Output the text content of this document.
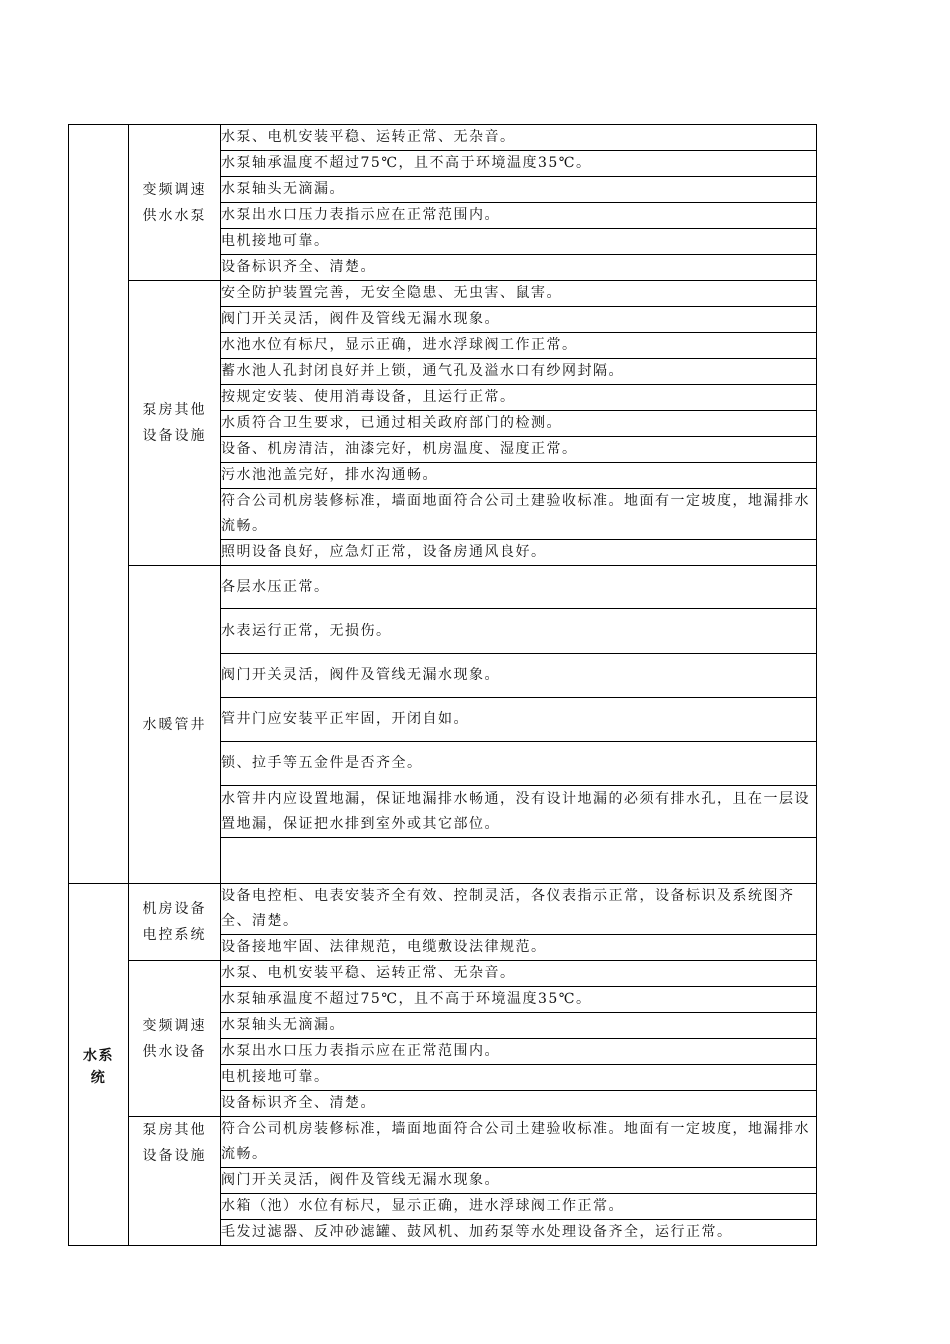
	变频调速供水水泵	水泵、电机安装平稳、运转正常、无杂音。
		水泵轴承温度不超过75℃，且不高于环境温度35℃。
		水泵轴头无滴漏。
		水泵出水口压力表指示应在正常范围内。
		电机接地可靠。
		设备标识齐全、清楚。
	泵房其他设备设施	安全防护装置完善，无安全隐患、无虫害、鼠害。
		阀门开关灵活，阀件及管线无漏水现象。
		水池水位有标尺，显示正确，进水浮球阀工作正常。
		蓄水池人孔封闭良好并上锁，通气孔及溢水口有纱网封隔。
		按规定安装、使用消毒设备，且运行正常。
		水质符合卫生要求，已通过相关政府部门的检测。
		设备、机房清洁，油漆完好，机房温度、湿度正常。
		污水池池盖完好，排水沟通畅。
		符合公司机房装修标准，墙面地面符合公司土建验收标准。地面有一定坡度，地漏排水流畅。
		照明设备良好，应急灯正常，设备房通风良好。
	水暖管井	各层水压正常。
		水表运行正常，无损伤。
		阀门开关灵活，阀件及管线无漏水现象。
		管井门应安装平正牢固，开闭自如。
		锁、拉手等五金件是否齐全。
		水管井内应设置地漏，保证地漏排水畅通，没有设计地漏的必须有排水孔，且在一层设置地漏，保证把水排到室外或其它部位。

水系统	机房设备电控系统	设备电控柜、电表安装齐全有效、控制灵活，各仪表指示正常，设备标识及系统图齐全、清楚。
		设备接地牢固、法律规范，电缆敷设法律规范。
	变频调速供水设备	水泵、电机安装平稳、运转正常、无杂音。
		水泵轴承温度不超过75℃，且不高于环境温度35℃。
		水泵轴头无滴漏。
		水泵出水口压力表指示应在正常范围内。
		电机接地可靠。
		设备标识齐全、清楚。
	泵房其他设备设施	符合公司机房装修标准，墙面地面符合公司土建验收标准。地面有一定坡度，地漏排水流畅。
		阀门开关灵活，阀件及管线无漏水现象。
		水箱（池）水位有标尺，显示正确，进水浮球阀工作正常。
		毛发过滤器、反冲砂滤罐、鼓风机、加药泵等水处理设备齐全，运行正常。
